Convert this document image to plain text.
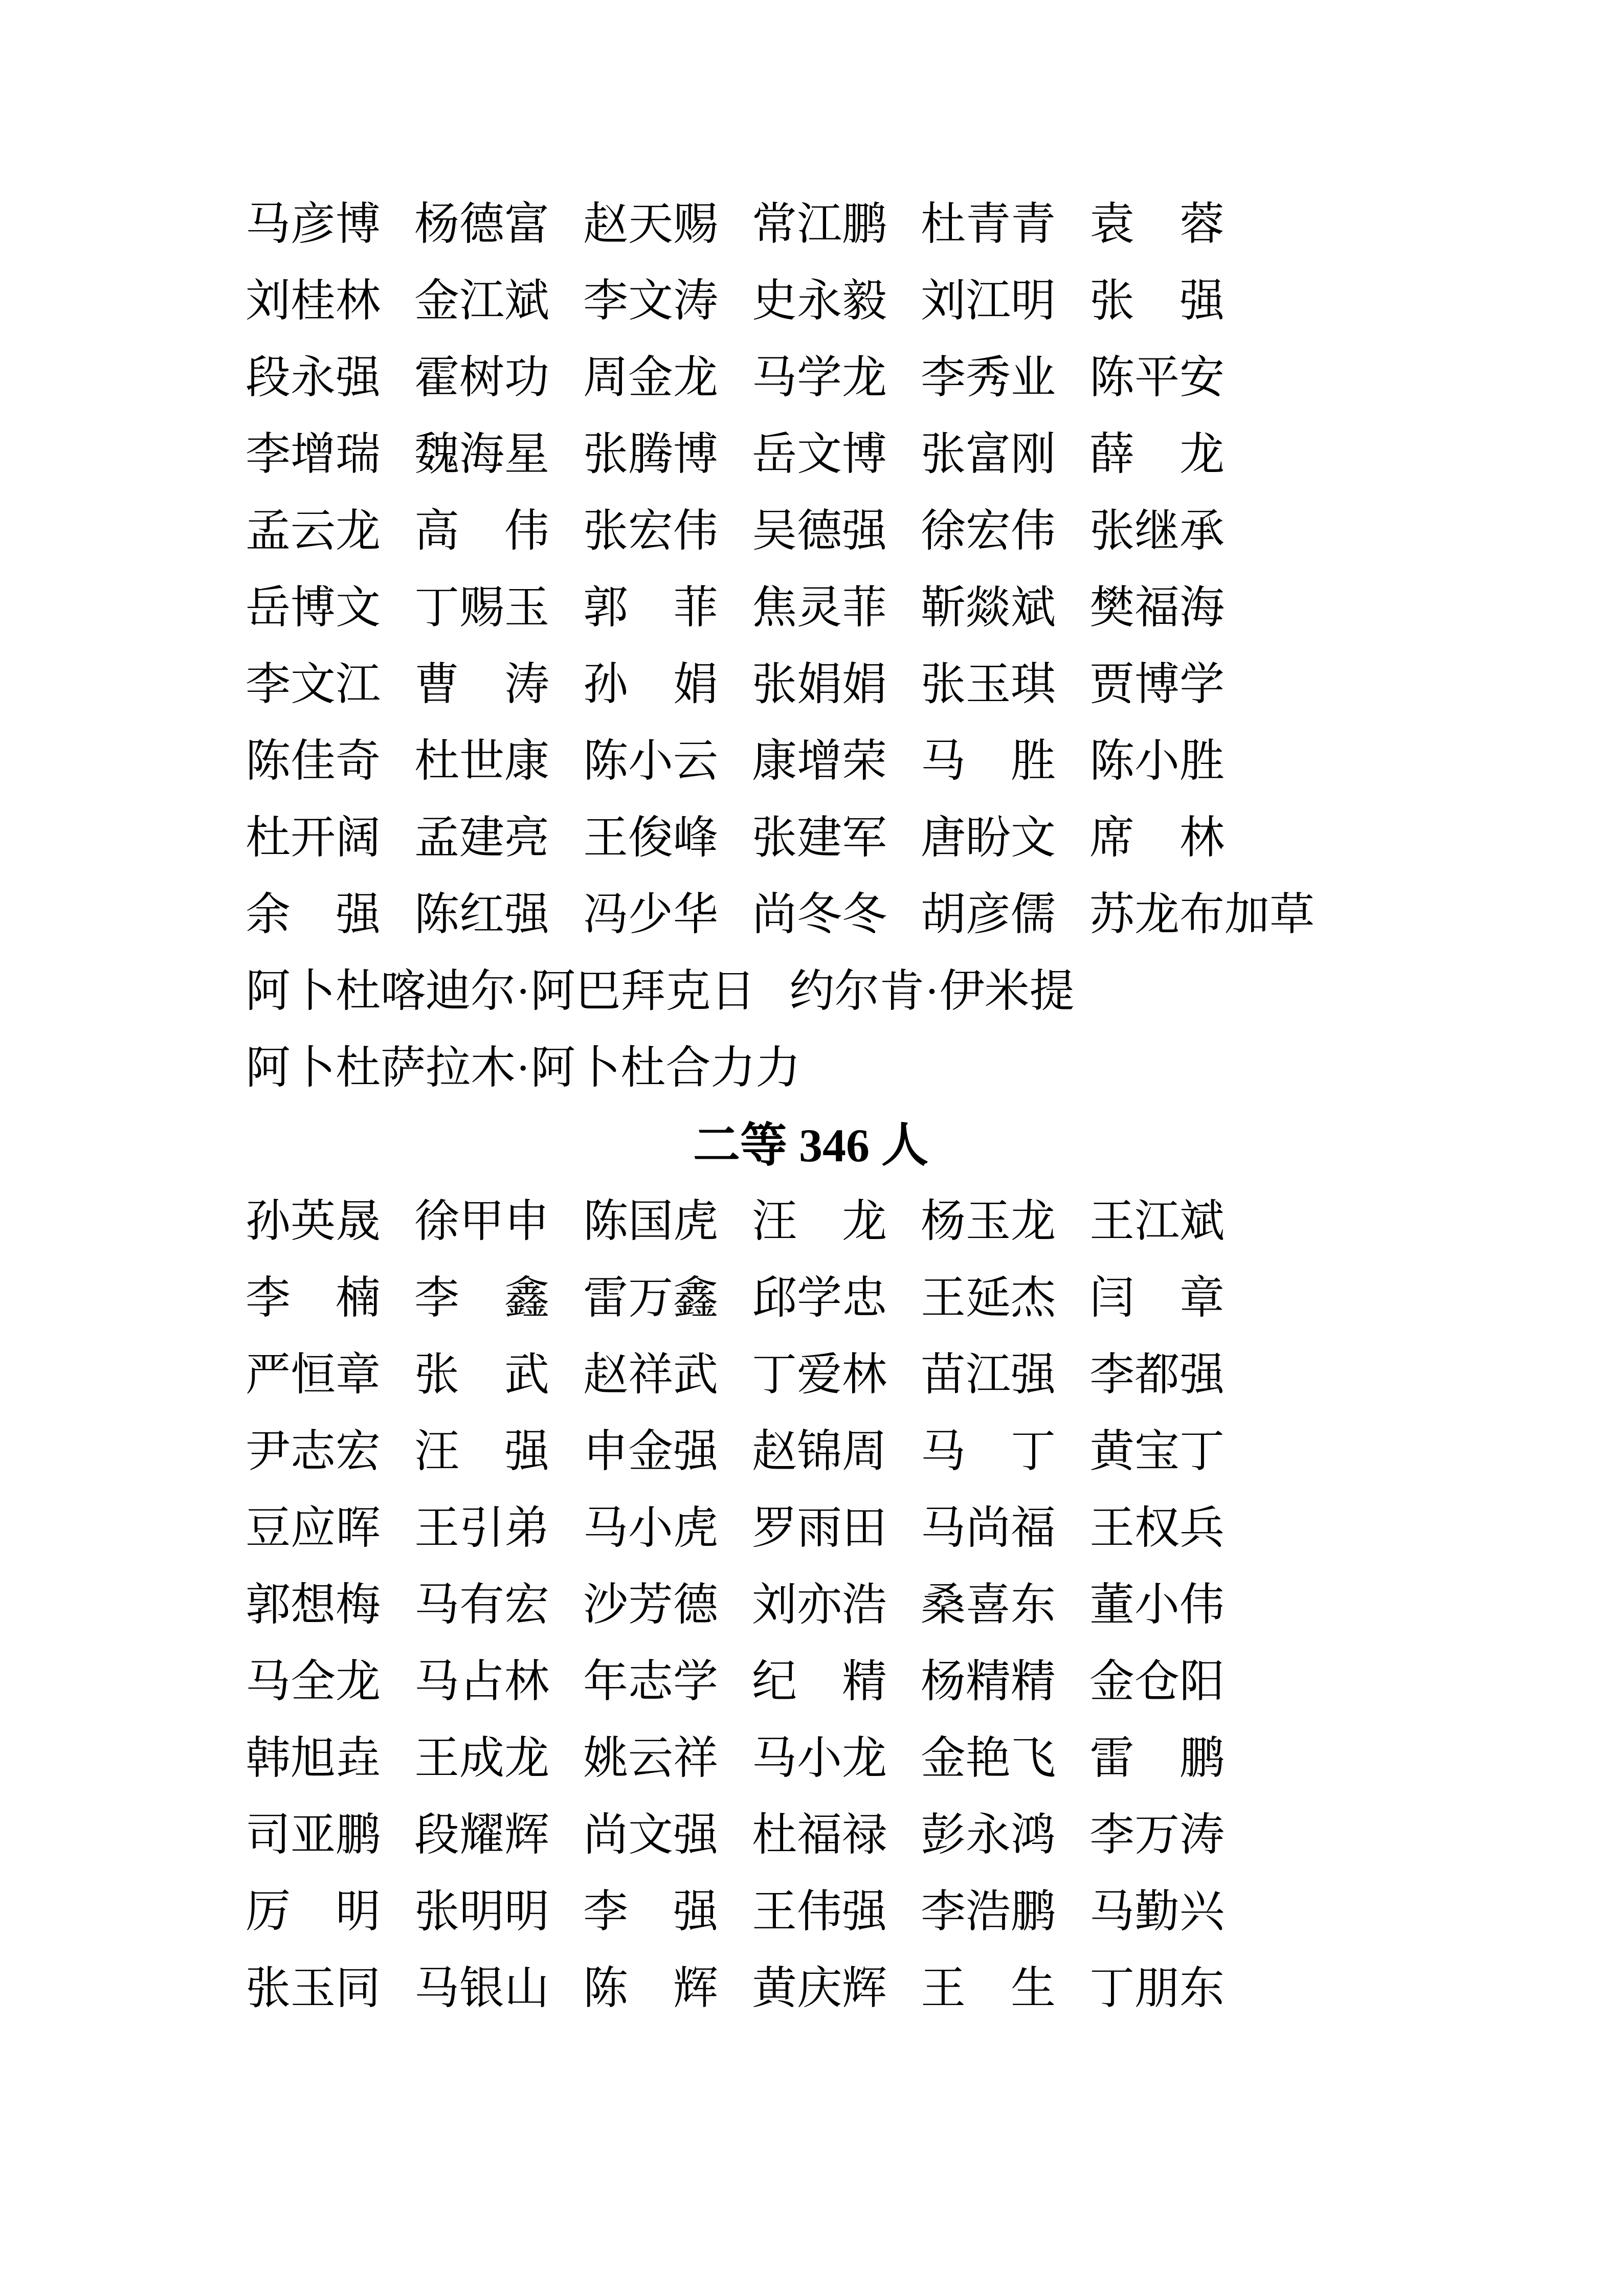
马彦博 杨德富 赵天赐 常江鹏 杜青青 袁　蓉
刘桂林 金江斌 李文涛 史永毅 刘江明 张　强
段永强 霍树功 周金龙 马学龙 李秀业 陈平安
李增瑞 魏海星 张腾博 岳文博 张富刚 薛　龙
孟云龙 高　伟 张宏伟 吴德强 徐宏伟 张继承
岳博文 丁赐玉 郭　菲 焦灵菲 靳燚斌 樊福海
李文江 曹　涛 孙　娟 张娟娟 张玉琪 贾博学
陈佳奇 杜世康 陈小云 康增荣 马　胜 陈小胜
杜开阔 孟建亮 王俊峰 张建军 唐盼文 席　林
余　强 陈红强 冯少华 尚冬冬 胡彦儒 苏龙布加草
阿卜杜喀迪尔·阿巴拜克日 约尔肯·伊米提
阿卜杜萨拉木·阿卜杜合力力
二等 346 人
孙英晟 徐甲申 陈国虎 汪　龙 杨玉龙 王江斌
李　楠 李　鑫 雷万鑫 邱学忠 王延杰 闫　章
严恒章 张　武 赵祥武 丁爱林 苗江强 李都强
尹志宏 汪　强 申金强 赵锦周 马　丁 黄宝丁
豆应晖 王引弟 马小虎 罗雨田 马尚福 王权兵
郭想梅 马有宏 沙芳德 刘亦浩 桑喜东 董小伟
马全龙 马占林 年志学 纪　精 杨精精 金仓阳
韩旭垚 王成龙 姚云祥 马小龙 金艳飞 雷　鹏
司亚鹏 段耀辉 尚文强 杜福禄 彭永鸿 李万涛
厉　明 张明明 李　强 王伟强 李浩鹏 马勤兴
张玉同 马银山 陈　辉 黄庆辉 王　生 丁朋东
